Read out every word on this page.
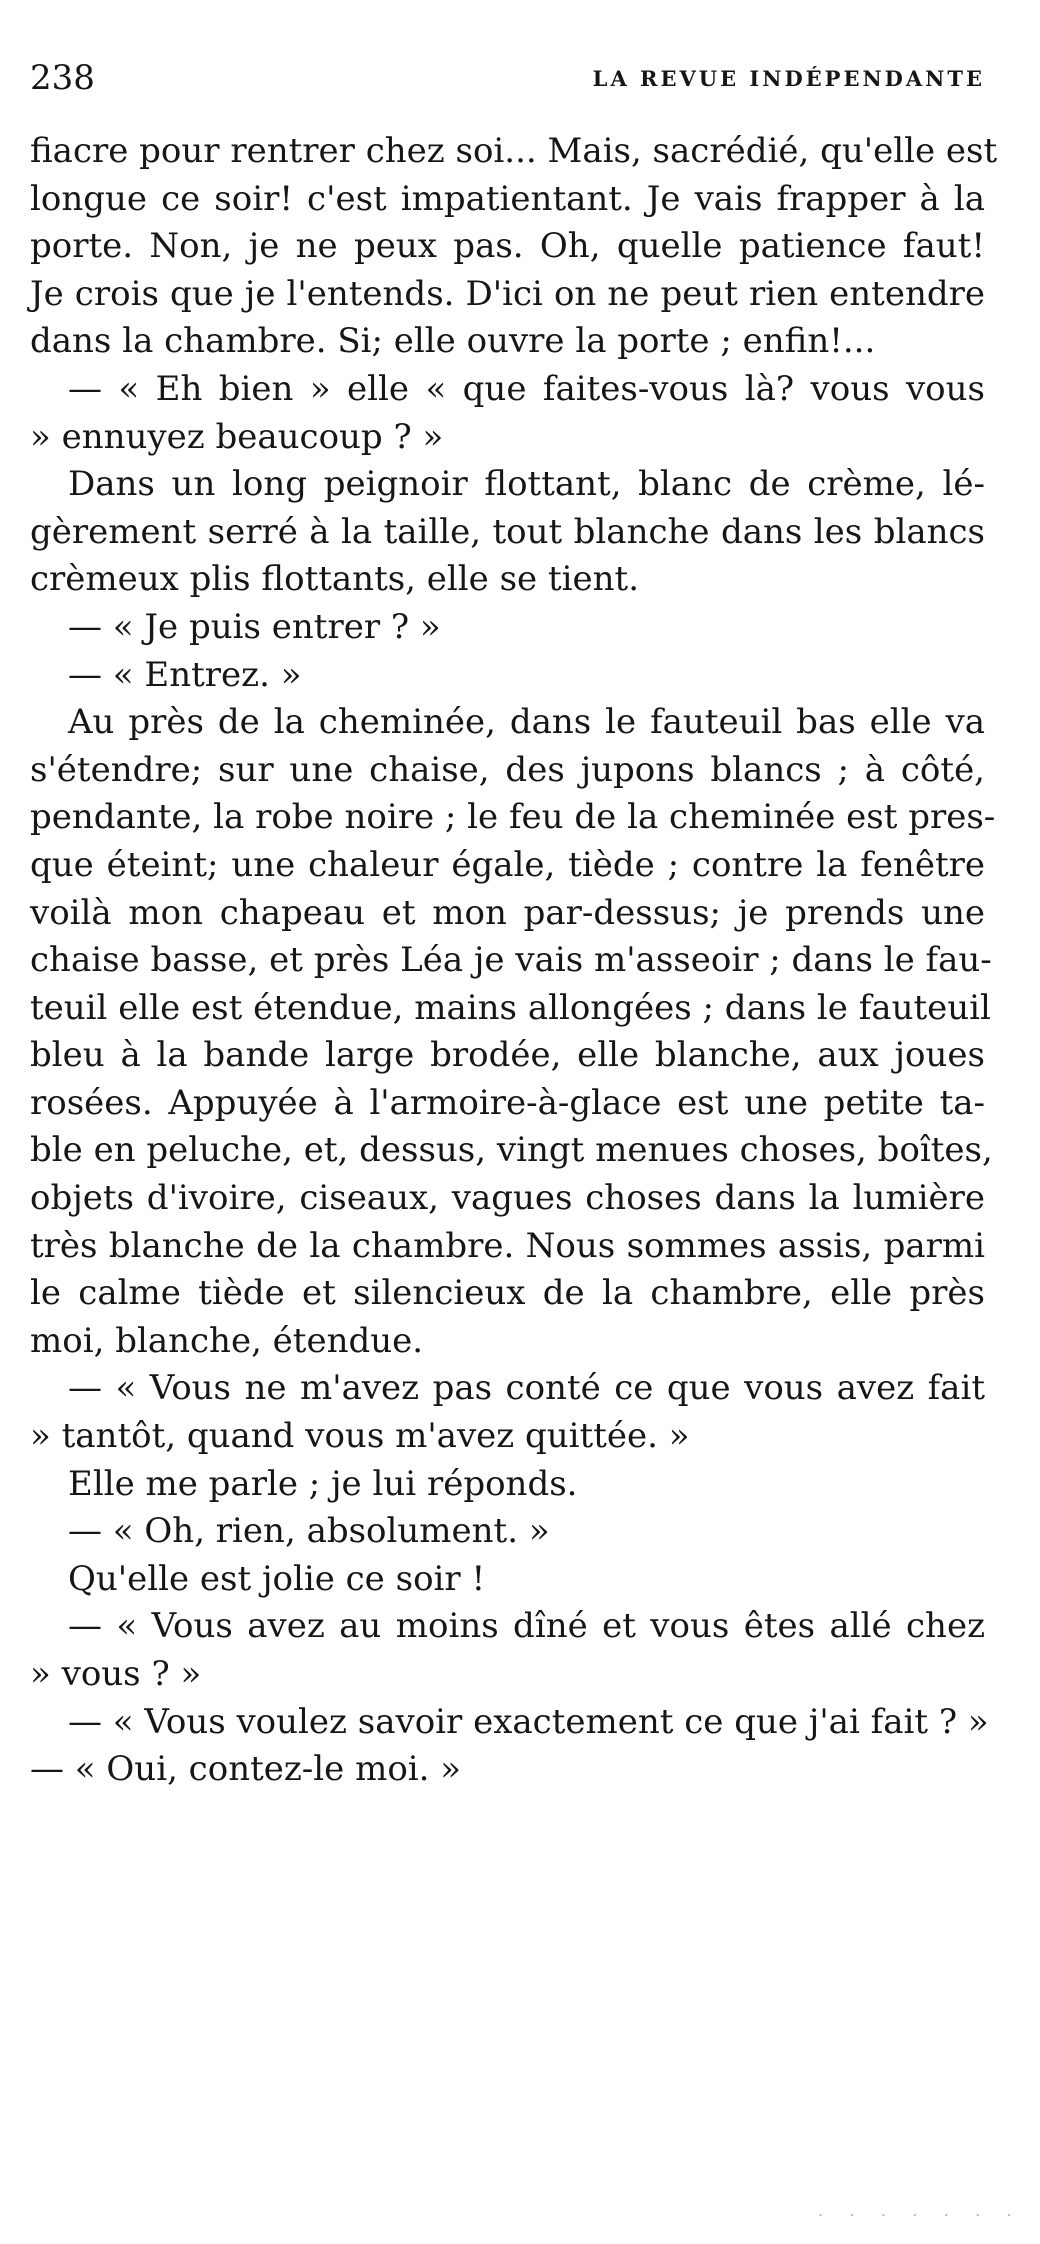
238	LA REVUE INDÉPENDANTE
fiacre pour rentrer chez soi... Mais, sacrédié, qu'elle est
longue ce soir! c'est impatientant. Je vais frapper à la
porte. Non, je ne peux pas. Oh, quelle patience faut!
Je crois que je l'entends. D'ici on ne peut rien entendre
dans la chambre. Si; elle ouvre la porte ; enfin!...
— « Eh bien » elle « que faites-vous là? vous vous
» ennuyez beaucoup ? »
Dans un long peignoir flottant, blanc de crème, lé-
gèrement serré à la taille, tout blanche dans les blancs
crèmeux plis flottants, elle se tient.
— « Je puis entrer ? »
— « Entrez. »
Au près de la cheminée, dans le fauteuil bas elle va
s'étendre; sur une chaise, des jupons blancs ; à côté,
pendante, la robe noire ; le feu de la cheminée est pres-
que éteint; une chaleur égale, tiède ; contre la fenêtre
voilà mon chapeau et mon par-dessus; je prends une
chaise basse, et près Léa je vais m'asseoir ; dans le fau-
teuil elle est étendue, mains allongées ; dans le fauteuil
bleu à la bande large brodée, elle blanche, aux joues
rosées. Appuyée à l'armoire-à-glace est une petite ta-
ble en peluche, et, dessus, vingt menues choses, boîtes,
objets d'ivoire, ciseaux, vagues choses dans la lumière
très blanche de la chambre. Nous sommes assis, parmi
le calme tiède et silencieux de la chambre, elle près
moi, blanche, étendue.
— « Vous ne m'avez pas conté ce que vous avez fait
» tantôt, quand vous m'avez quittée. »
Elle me parle ; je lui réponds.
— « Oh, rien, absolument. »
Qu'elle est jolie ce soir !
— « Vous avez au moins dîné et vous êtes allé chez
» vous ? »
— « Vous voulez savoir exactement ce que j'ai fait ? »
— « Oui, contez-le moi. »
. . . . . . .
